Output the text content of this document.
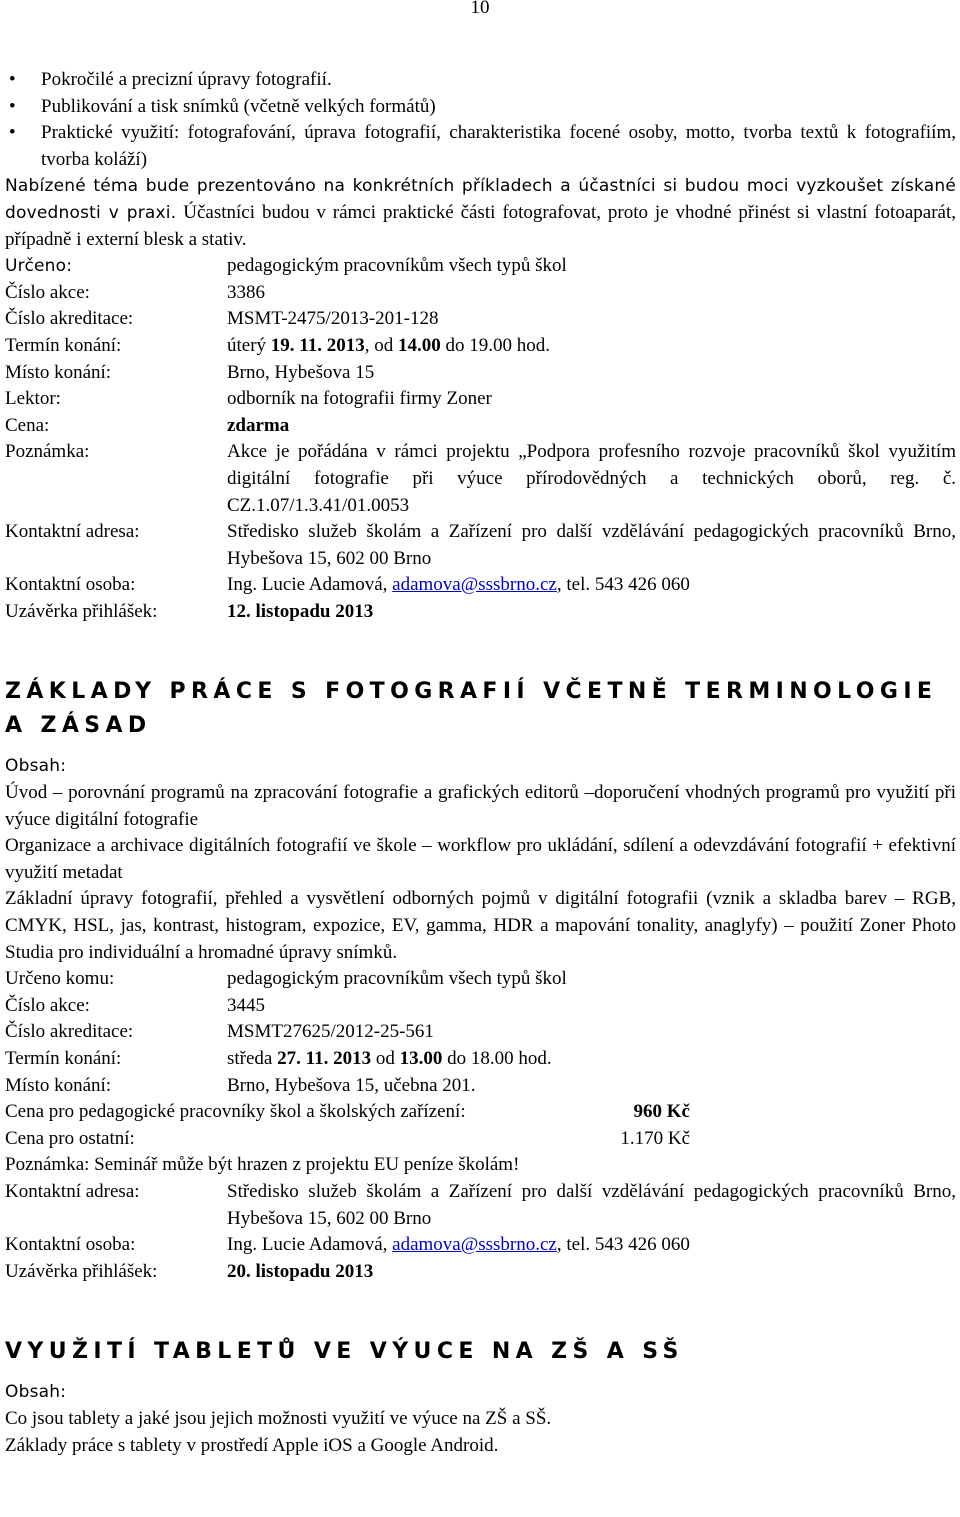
10
• Pokročilé a precizní úpravy fotografií.
• Publikování a tisk snímků (včetně velkých formátů)
• Praktické využití: fotografování, úprava fotografií, charakteristika focené osoby, motto, tvorba textů k fotografiím, tvorba koláží)
Nabízené téma bude prezentováno na konkrétních příkladech a účastníci si budou moci vyzkoušet získané dovednosti v praxi. Účastníci budou v rámci praktické části fotografovat, proto je vhodné přinést si vlastní fotoaparát, případně i externí blesk a stativ.
Určeno:	pedagogickým pracovníkům všech typů škol
Číslo akce:	3386
Číslo akreditace:	MSMT-2475/2013-201-128
Termín konání:	úterý 19. 11. 2013, od 14.00 do 19.00 hod.
Místo konání:	Brno, Hybešova 15
Lektor:	odborník na fotografii firmy Zoner
Cena:	zdarma
Poznámka:	Akce je pořádána v rámci projektu „Podpora profesního rozvoje pracovníků škol využitím digitální fotografie při výuce přírodovědných a technických oborů, reg. č. CZ.1.07/1.3.41/01.0053
Kontaktní adresa:	Středisko služeb školám a Zařízení pro další vzdělávání pedagogických pracovníků Brno, Hybešova 15, 602 00 Brno
Kontaktní osoba:	Ing. Lucie Adamová, adamova@sssbrno.cz, tel. 543 426 060
Uzávěrka přihlášek:	12. listopadu 2013
ZÁKLADY PRÁCE S FOTOGRAFIÍ VČETNĚ TERMINOLOGIE A ZÁSAD
Obsah:
Úvod – porovnání programů na zpracování fotografie a grafických editorů –doporučení vhodných programů pro využití při výuce digitální fotografie
Organizace a archivace digitálních fotografií ve škole – workflow pro ukládání, sdílení a odevzdávání fotografií + efektivní využití metadat
Základní úpravy fotografií, přehled a vysvětlení odborných pojmů v digitální fotografii (vznik a skladba barev – RGB, CMYK, HSL, jas, kontrast, histogram, expozice, EV, gamma, HDR a mapování tonality, anaglyfy) – použití Zoner Photo Studia pro individuální a hromadné úpravy snímků.
Určeno komu:	pedagogickým pracovníkům všech typů škol
Číslo akce:	3445
Číslo akreditace:	MSMT27625/2012-25-561
Termín konání:	středa 27. 11. 2013 od 13.00 do 18.00 hod.
Místo konání:	Brno, Hybešova 15, učebna 201.
Cena pro pedagogické pracovníky škol a školských zařízení:	960 Kč
Cena pro ostatní:	1.170 Kč
Poznámka: Seminář může být hrazen z projektu EU peníze školám!
Kontaktní adresa:	Středisko služeb školám a Zařízení pro další vzdělávání pedagogických pracovníků Brno, Hybešova 15, 602 00 Brno
Kontaktní osoba:	Ing. Lucie Adamová, adamova@sssbrno.cz, tel. 543 426 060
Uzávěrka přihlášek:	20. listopadu 2013
VYUŽITÍ TABLETŮ VE VÝUCE NA ZŠ A SŠ
Obsah:
Co jsou tablety a jaké jsou jejich možnosti využití ve výuce na ZŠ a SŠ.
Základy práce s tablety v prostředí Apple iOS a Google Android.
